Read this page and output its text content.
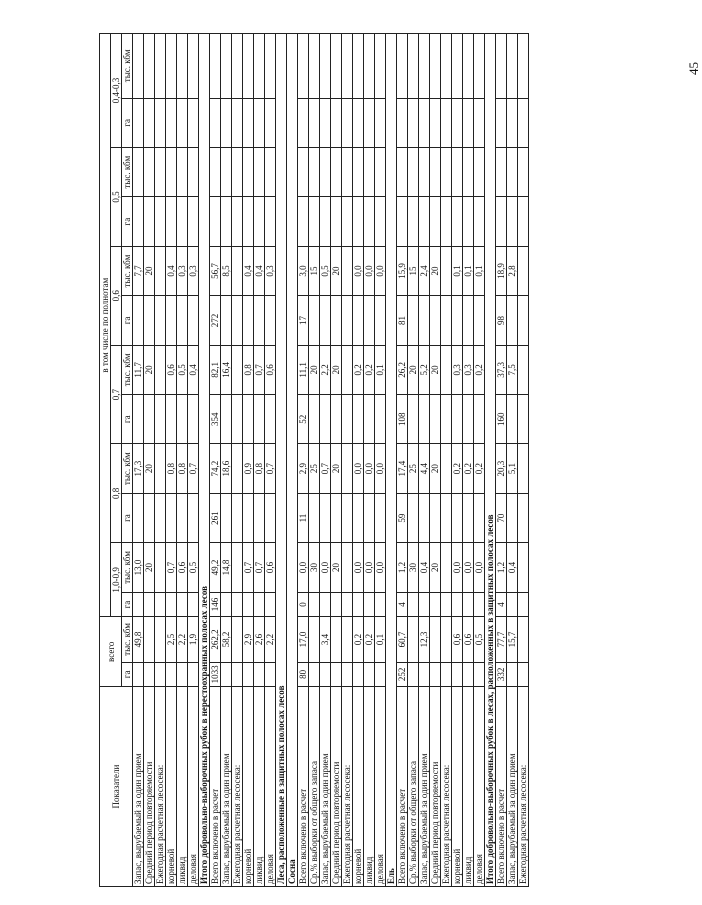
Показатели	всего		в том числе по полнотам											
			1,0-0,9		0,8		0,7		0,6		0,5		0,4-0,3	
	га	тыс. кбм	га	тыс. кбм	га	тыс. кбм	га	тыс. кбм	га	тыс. кбм	га	тыс. кбм	га	тыс. кбм
Запас, вырубаемый за один прием		49,8		13,0		17,3		11,7		7,7				
Средний период повторяемости				20		20		20		20				
Ежегодная расчетная лесосека:														
корневой		2,5		0,7		0,8		0,6		0,4				
ликвид		2,2		0,6		0,8		0,5		0,3				
деловая		1,9		0,5		0,7		0,4		0,3				
Итого добровольно-выборочных рубок в нерестоохранных полосах лесов														
Всего включено в расчет	1033	262,2	146	49,2	261	74,2	354	82,1	272	56,7				
Запас, вырубаемый за один прием		58,2		14,8		18,6		16,4		8,5				
Ежегодная расчетная лесосека:														
корневой		2,9		0,7		0,9		0,8		0,4				
ликвид		2,6		0,7		0,8		0,7		0,4				
деловая		2,2		0,6		0,7		0,6		0,3				
Леса, расположенные в защитных полосах лесов														
Сосна														
Всего включено в расчет	80	17,0	0	0,0	11	2,9	52	11,1	17	3,0				
Ср.% выборки от общего запаса				30		25		20		15				
Запас, вырубаемый за один прием		3,4		0,0		0,7		2,2		0,5				
Средний период повторяемости				20		20		20		20				
Ежегодная расчетная лесосека:														
корневой		0,2		0,0		0,0		0,2		0,0				
ликвид		0,2		0,0		0,0		0,2		0,0				
деловая		0,1		0,0		0,0		0,1		0,0				
Ель														
Всего включено в расчет	252	60,7	4	1,2	59	17,4	108	26,2	81	15,9				
Ср.% выборки от общего запаса				30		25		20		15				
Запас, вырубаемый за один прием		12,3		0,4		4,4		5,2		2,4				
Средний период повторяемости				20		20		20		20				
Ежегодная расчетная лесосека:														
корневой		0,6		0,0		0,2		0,3		0,1				
ликвид		0,6		0,0		0,2		0,3		0,1				
деловая		0,5		0,0		0,2		0,2		0,1				
Итого добровольно-выборочных рубок в лесах, расположенных в защитных полосах лесов														
Всего включено в расчет	332	77,7	4	1,2	70	20,3	160	37,3	98	18,9				
Запас, вырубаемый за один прием		15,7		0,4		5,1		7,5		2,8				
Ежегодная расчетная лесосека:														
45
